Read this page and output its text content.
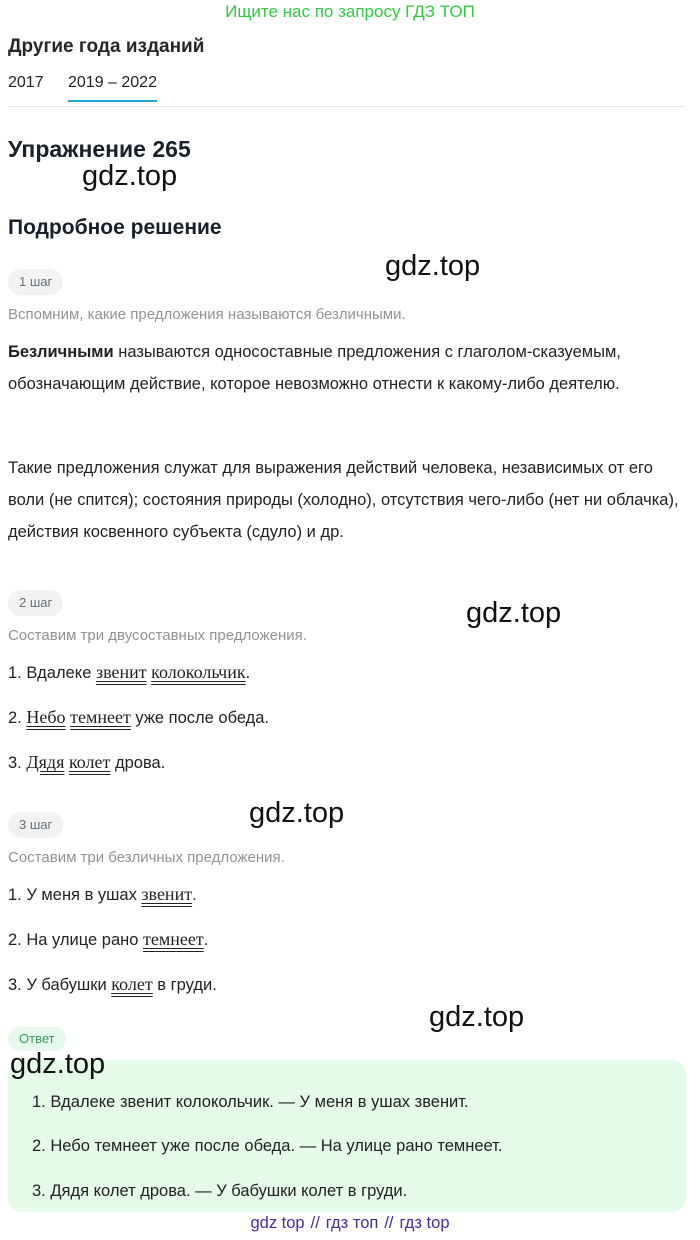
Ищите нас по запросу ГДЗ ТОП
Другие года изданий
2017 2019 – 2022
Упражнение 265
gdz.top
Подробное решение
gdz.top
1 шаг
Вспомним, какие предложения называются безличными.
Безличными называются односоставные предложения с глаголом-сказуемым, обозначающим действие, которое невозможно отнести к какому-либо деятелю.
Такие предложения служат для выражения действий человека, независимых от его воли (не спится); состояния природы (холодно), отсутствия чего-либо (нет ни облачка), действия косвенного субъекта (сдуло) и др.
2 шаг	gdz.top
Составим три двусоставных предложения.
1. Вдалеке звенит колокольчик.
2. Небо темнеет уже после обеда.
3. Дядя колет дрова.
gdz.top
3 шаг
Составим три безличных предложения.
1. У меня в ушах звенит.
2. На улице рано темнеет.
3. У бабушки колет в груди.
Ответ
gdz.top
gdz.top
1. Вдалеке звенит колокольчик. — У меня в ушах звенит.
2. Небо темнеет уже после обеда. — На улице рано темнеет.
3. Дядя колет дрова. — У бабушки колет в груди.
gdz top // гдз топ // гдз top
